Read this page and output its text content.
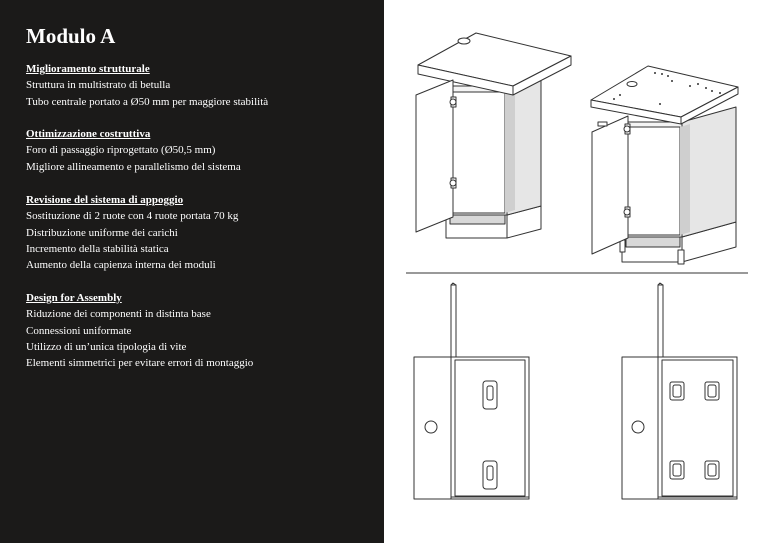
Modulo A
Miglioramento strutturale
Struttura in multistrato di betulla
Tubo centrale portato a Ø50 mm per maggiore stabilità
Ottimizzazione costruttiva
Foro di passaggio riprogettato (Ø50,5 mm)
Migliore allineamento e parallelismo del sistema
Revisione del sistema di appoggio
Sostituzione di 2 ruote con 4 ruote portata 70 kg
Distribuzione uniforme dei carichi
Incremento della stabilità statica
Aumento della capienza interna dei moduli
Design for Assembly
Riduzione dei componenti in distinta base
Connessioni uniformate
Utilizzo di un’unica tipologia di vite
Elementi simmetrici per evitare errori di montaggio
